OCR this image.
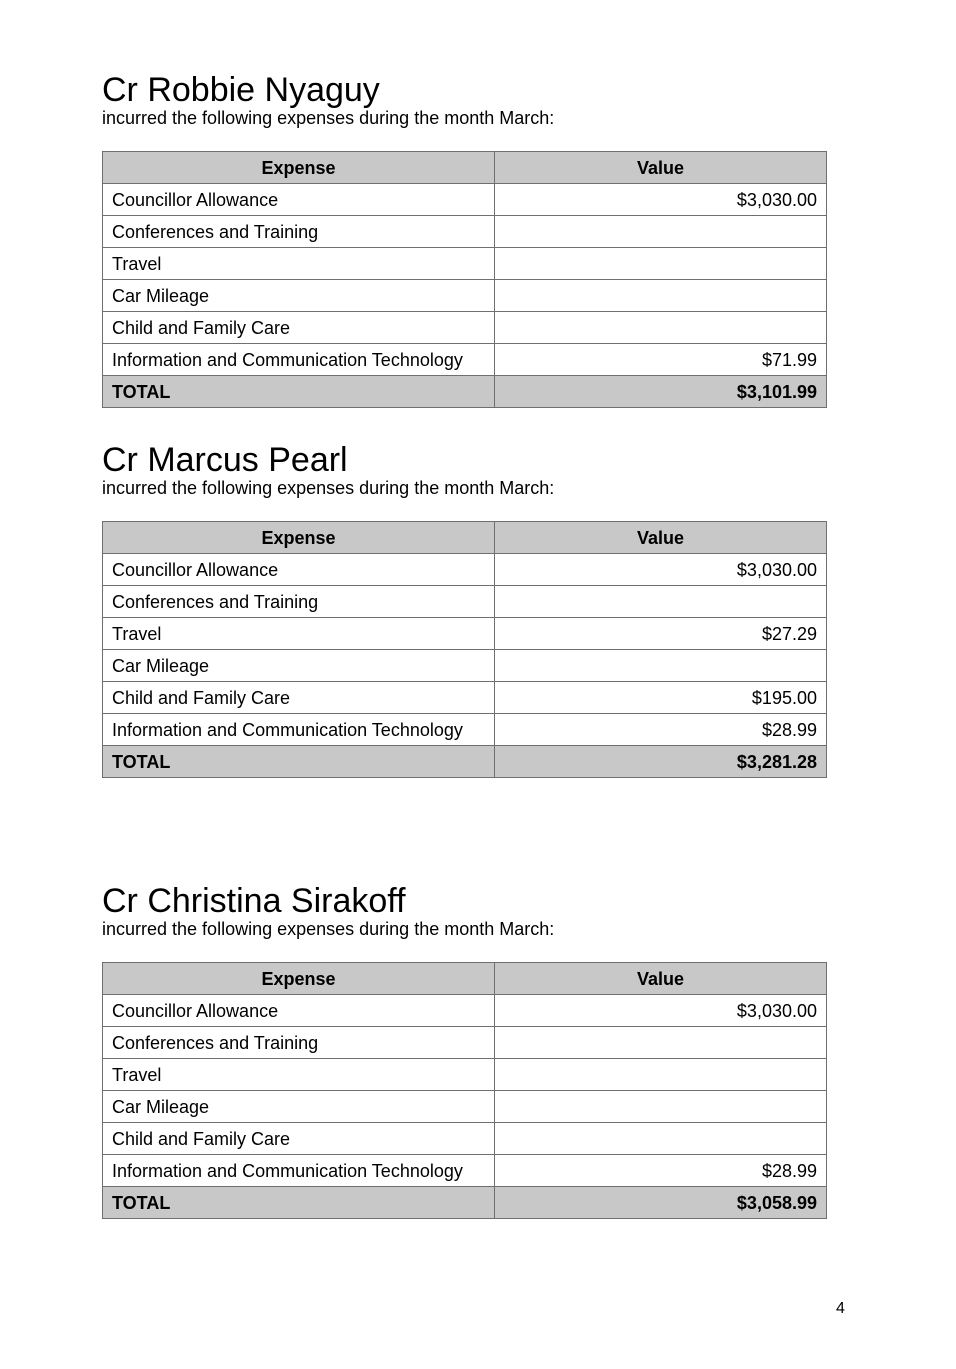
Cr Robbie Nyaguy

incurred the following expenses during the month March:

Expense	Value
Councillor Allowance	$3,030.00
Conferences and Training	
Travel	
Car Mileage	
Child and Family Care	
Information and Communication Technology	$71.99
TOTAL	$3,101.99
Cr Marcus Pearl

incurred the following expenses during the month March:

Expense	Value
Councillor Allowance	$3,030.00
Conferences and Training	
Travel	$27.29
Car Mileage	
Child and Family Care	$195.00
Information and Communication Technology	$28.99
TOTAL	$3,281.28
Cr Christina Sirakoff

incurred the following expenses during the month March:

Expense	Value
Councillor Allowance	$3,030.00
Conferences and Training	
Travel	
Car Mileage	
Child and Family Care	
Information and Communication Technology	$28.99
TOTAL	$3,058.99
4
